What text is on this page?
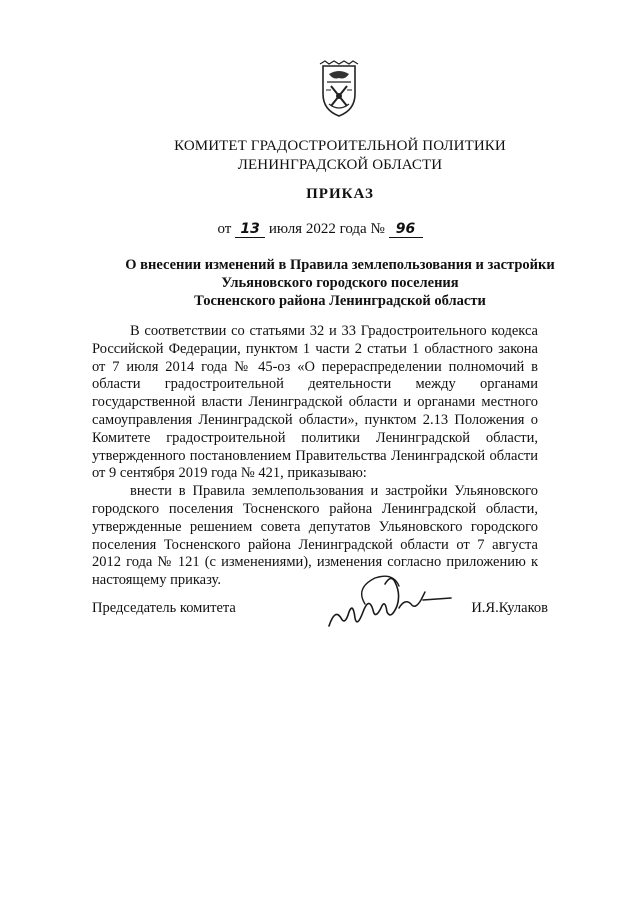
КОМИТЕТ ГРАДОСТРОИТЕЛЬНОЙ ПОЛИТИКИ
ЛЕНИНГРАДСКОЙ ОБЛАСТИ
ПРИКАЗ
от 13 июля 2022 года № 96
О внесении изменений в Правила землепользования и застройки
Ульяновского городского поселения
Тосненского района Ленинградской области

В соответствии со статьями 32 и 33 Градостроительного кодекса Российской Федерации, пунктом 1 части 2 статьи 1 областного закона от 7 июля 2014 года № 45-оз «О перераспределении полномочий в области градостроительной деятельности между органами государственной власти Ленинградской области и органами местного самоуправления Ленинградской области», пунктом 2.13 Положения о Комитете градостроительной политики Ленинградской области, утвержденного постановлением Правительства Ленинградской области от 9 сентября 2019 года № 421, приказываю:

внести в Правила землепользования и застройки Ульяновского городского поселения Тосненского района Ленинградской области, утвержденные решением совета депутатов Ульяновского городского поселения Тосненского района Ленинградской области от 7 августа 2012 года № 121 (с изменениями), изменения согласно приложению к настоящему приказу.

Председатель комитета	И.Я.Кулаков
